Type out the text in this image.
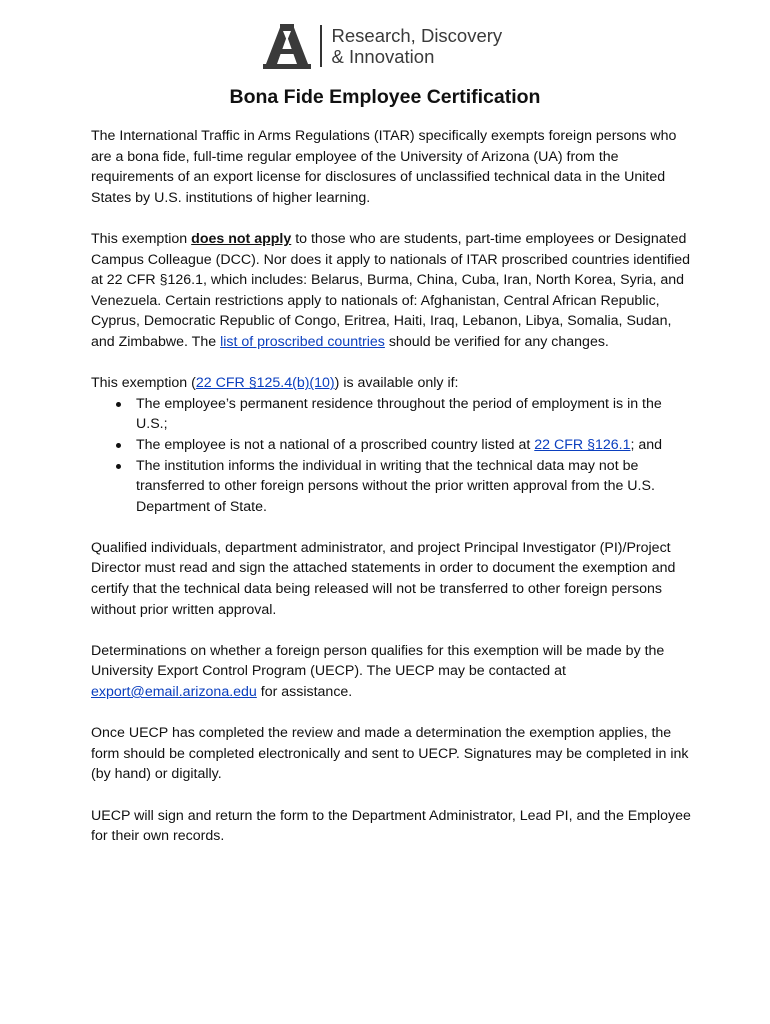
Research, Discovery
& Innovation
Bona Fide Employee Certification

The International Traffic in Arms Regulations (ITAR) specifically exempts foreign persons who are a bona fide, full-time regular employee of the University of Arizona (UA) from the requirements of an export license for disclosures of unclassified technical data in the United States by U.S. institutions of higher learning.

This exemption does not apply to those who are students, part-time employees or Designated Campus Colleague (DCC). Nor does it apply to nationals of ITAR proscribed countries identified at 22 CFR §126.1, which includes: Belarus, Burma, China, Cuba, Iran, North Korea, Syria, and Venezuela. Certain restrictions apply to nationals of: Afghanistan, Central African Republic, Cyprus, Democratic Republic of Congo, Eritrea, Haiti, Iraq, Lebanon, Libya, Somalia, Sudan, and Zimbabwe. The list of proscribed countries should be verified for any changes.

This exemption (22 CFR §125.4(b)(10)) is available only if:

The employee’s permanent residence throughout the period of employment is in the U.S.;
The employee is not a national of a proscribed country listed at 22 CFR §126.1; and
The institution informs the individual in writing that the technical data may not be transferred to other foreign persons without the prior written approval from the U.S. Department of State.

Qualified individuals, department administrator, and project Principal Investigator (PI)/Project Director must read and sign the attached statements in order to document the exemption and certify that the technical data being released will not be transferred to other foreign persons without prior written approval.

Determinations on whether a foreign person qualifies for this exemption will be made by the University Export Control Program (UECP). The UECP may be contacted at export@email.arizona.edu for assistance.

Once UECP has completed the review and made a determination the exemption applies, the form should be completed electronically and sent to UECP. Signatures may be completed in ink (by hand) or digitally.

UECP will sign and return the form to the Department Administrator, Lead PI, and the Employee for their own records.
